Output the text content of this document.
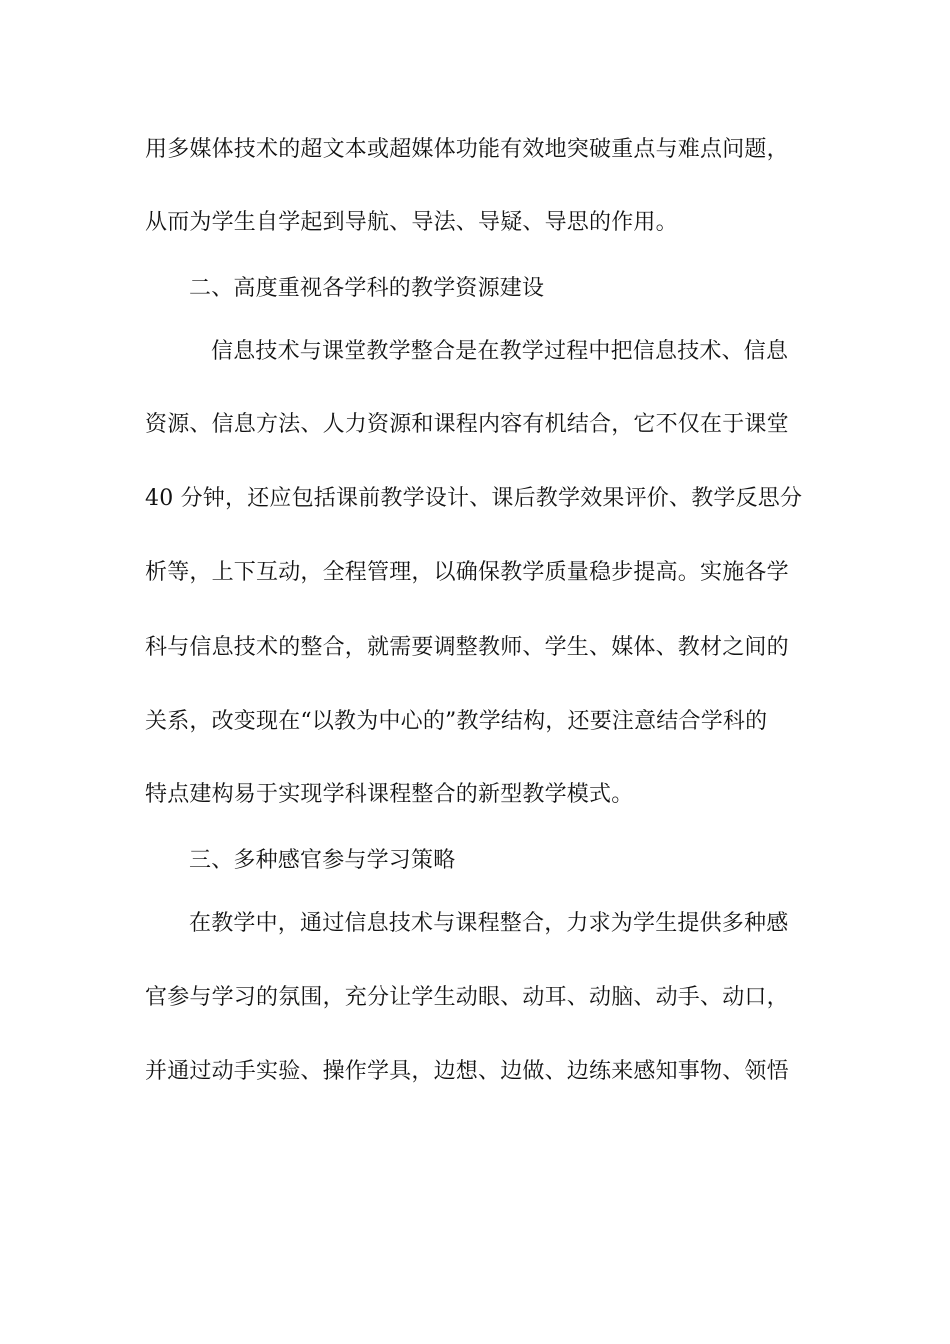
用多媒体技术的超文本或超媒体功能有效地突破重点与难点问题，
从而为学生自学起到导航、导法、导疑、导思的作用。
二、高度重视各学科的教学资源建设
信息技术与课堂教学整合是在教学过程中把信息技术、信息
资源、信息方法、人力资源和课程内容有机结合，它不仅在于课堂
40 分钟，还应包括课前教学设计、课后教学效果评价、教学反思分
析等，上下互动，全程管理，以确保教学质量稳步提高。实施各学
科与信息技术的整合，就需要调整教师、学生、媒体、教材之间的
关系，改变现在“以教为中心的”教学结构，还要注意结合学科的
特点建构易于实现学科课程整合的新型教学模式。
三、多种感官参与学习策略
在教学中，通过信息技术与课程整合，力求为学生提供多种感
官参与学习的氛围，充分让学生动眼、动耳、动脑、动手、动口，
并通过动手实验、操作学具，边想、边做、边练来感知事物、领悟
